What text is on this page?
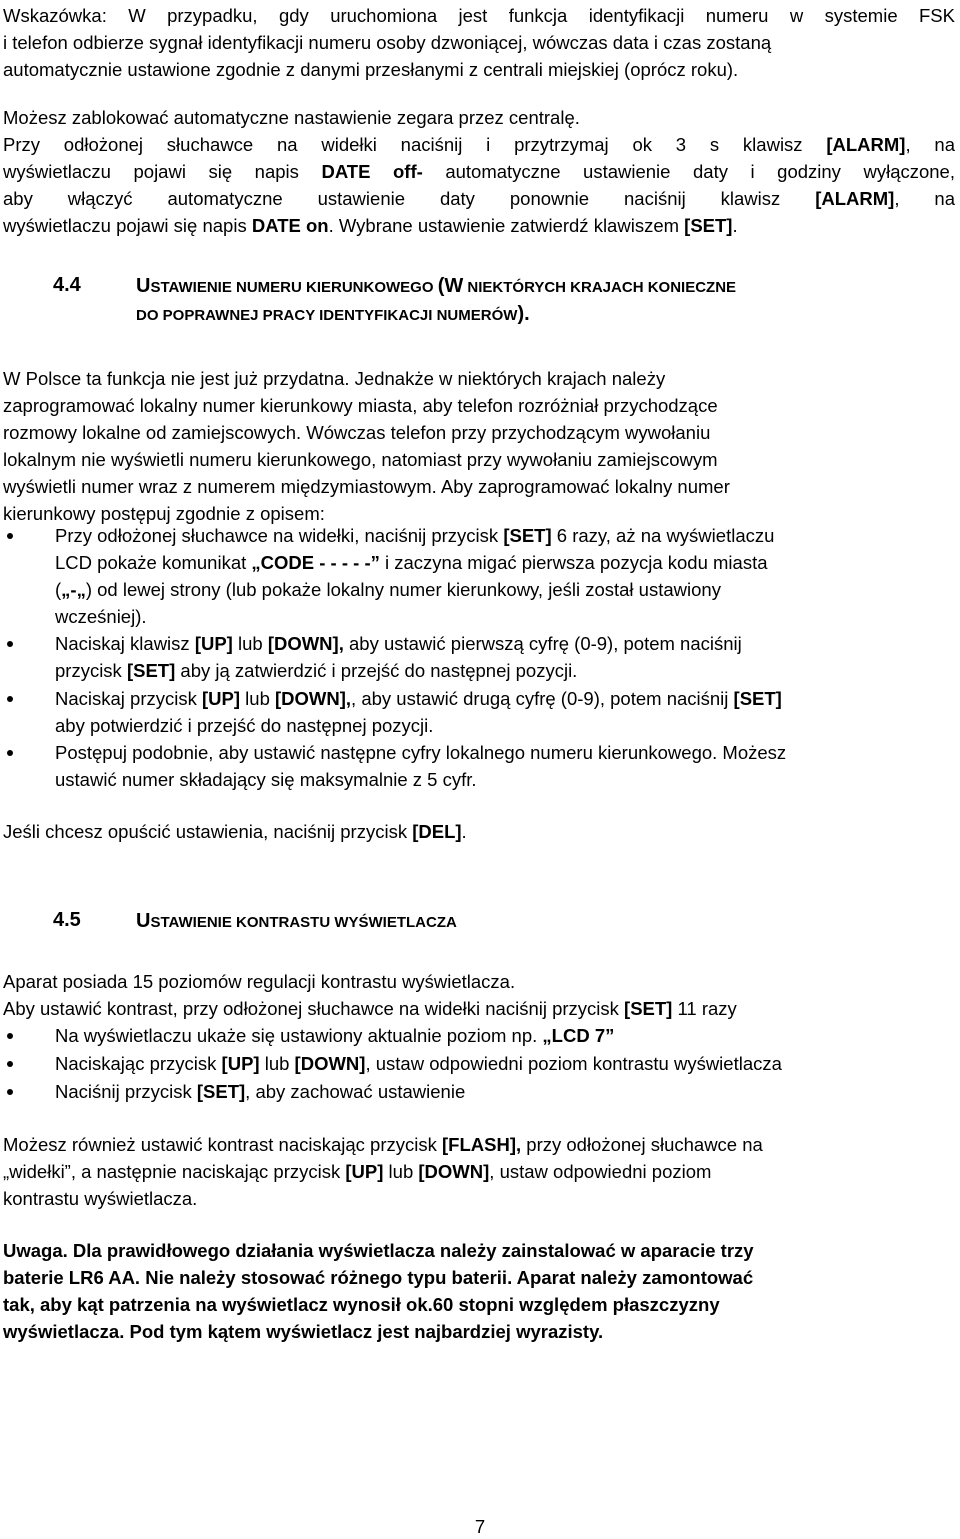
Wskazówka: W przypadku, gdy uruchomiona jest funkcja identyfikacji numeru w systemie FSK
i telefon odbierze sygnał identyfikacji numeru osoby dzwoniącej, wówczas data i czas zostaną
automatycznie ustawione zgodnie z danymi przesłanymi z centrali miejskiej (oprócz roku).
Możesz zablokować automatyczne nastawienie zegara przez centralę.
Przy odłożonej słuchawce na widełki naciśnij i przytrzymaj ok 3 s klawisz [ALARM], na
wyświetlaczu pojawi się napis DATE off- automatyczne ustawienie daty i godziny wyłączone,
aby włączyć automatyczne ustawienie daty ponownie naciśnij klawisz [ALARM], na
wyświetlaczu pojawi się napis DATE on. Wybrane ustawienie zatwierdź klawiszem [SET].
4.4	USTAWIENIE NUMERU KIERUNKOWEGO (W NIEKTÓRYCH KRAJACH KONIECZNE
DO POPRAWNEJ PRACY IDENTYFIKACJI NUMERÓW).
W Polsce ta funkcja nie jest już przydatna. Jednakże w niektórych krajach należy
zaprogramować lokalny numer kierunkowy miasta, aby telefon rozróżniał przychodzące
rozmowy lokalne od zamiejscowych. Wówczas telefon przy przychodzącym wywołaniu
lokalnym nie wyświetli numeru kierunkowego, natomiast przy wywołaniu zamiejscowym
wyświetli numer wraz z numerem międzymiastowym. Aby zaprogramować lokalny numer
kierunkowy postępuj zgodnie z opisem:
Przy odłożonej słuchawce na widełki, naciśnij przycisk [SET] 6 razy, aż na wyświetlaczu
LCD pokaże komunikat „CODE - - - - -” i zaczyna migać pierwsza pozycja kodu miasta
(„-„) od lewej strony (lub pokaże lokalny numer kierunkowy, jeśli został ustawiony
wcześniej).
Naciskaj klawisz [UP] lub [DOWN], aby ustawić pierwszą cyfrę (0-9), potem naciśnij
przycisk [SET] aby ją zatwierdzić i przejść do następnej pozycji.
Naciskaj przycisk [UP] lub [DOWN],, aby ustawić drugą cyfrę (0-9), potem naciśnij [SET]
aby potwierdzić i przejść do następnej pozycji.
Postępuj podobnie, aby ustawić następne cyfry lokalnego numeru kierunkowego. Możesz
ustawić numer składający się maksymalnie z 5 cyfr.
Jeśli chcesz opuścić ustawienia, naciśnij przycisk [DEL].
4.5	USTAWIENIE KONTRASTU WYŚWIETLACZA
Aparat posiada 15 poziomów regulacji kontrastu wyświetlacza.
Aby ustawić kontrast, przy odłożonej słuchawce na widełki naciśnij przycisk [SET] 11 razy
Na wyświetlaczu ukaże się ustawiony aktualnie poziom np. „LCD 7”
Naciskając przycisk [UP] lub [DOWN], ustaw odpowiedni poziom kontrastu wyświetlacza
Naciśnij przycisk [SET], aby zachować ustawienie
Możesz również ustawić kontrast naciskając przycisk [FLASH], przy odłożonej słuchawce na
„widełki”, a następnie naciskając przycisk [UP] lub [DOWN], ustaw odpowiedni poziom
kontrastu wyświetlacza.
Uwaga. Dla prawidłowego działania wyświetlacza należy zainstalować w aparacie trzy
baterie LR6 AA. Nie należy stosować różnego typu baterii. Aparat należy zamontować
tak, aby kąt patrzenia na wyświetlacz wynosił ok.60 stopni względem płaszczyzny
wyświetlacza. Pod tym kątem wyświetlacz jest najbardziej wyrazisty.
7
